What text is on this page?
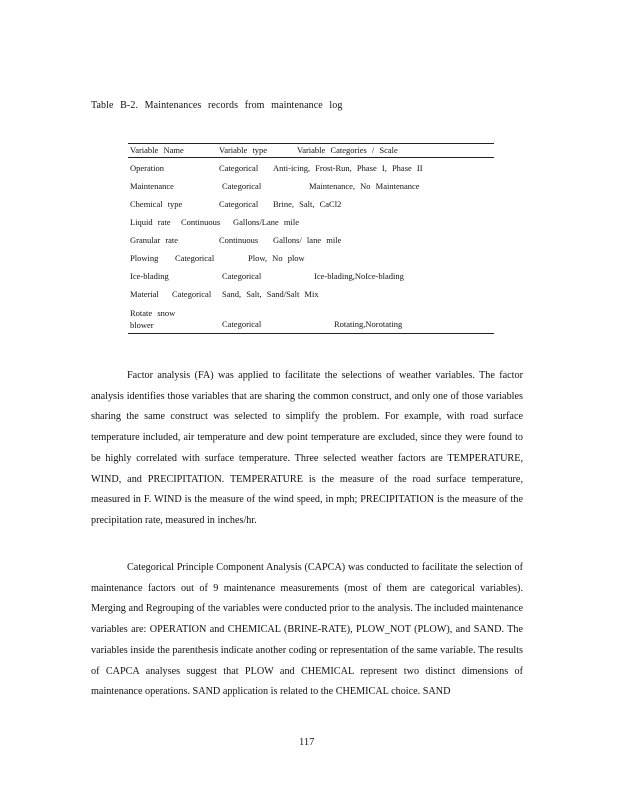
Table B-2. Maintenances records from maintenance log
Variable Name	Variable type	Variable Categories / Scale
Operation	Categorical Anti-icing, Frost-Run, Phase I, Phase II
Maintenance	Categorical	Maintenance, No Maintenance
Chemical type	Categorical Brine, Salt, CaCl2
Liquid rate Continuous Gallons/Lane mile
Granular rate	Continuous Gallons/ lane mile
Plowing Categorical	Plow, No plow
Ice-blading	Categorical	Ice-blading,NoIce-blading
Material Categorical Sand, Salt, Sand/Salt Mix
Rotate snow blower	Categorical	Rotating,Norotating

Factor analysis (FA) was applied to facilitate the selections of weather variables. The factor analysis identifies those variables that are sharing the common construct, and only one of those variables sharing the same construct was selected to simplify the problem. For example, with road surface temperature included, air temperature and dew point temperature are excluded, since they were found to be highly correlated with surface temperature. Three selected weather factors are TEMPERATURE, WIND, and PRECIPITATION. TEMPERATURE is the measure of the road surface temperature, measured in F. WIND is the measure of the wind speed, in mph; PRECIPITATION is the measure of the precipitation rate, measured in inches/hr.

Categorical Principle Component Analysis (CAPCA) was conducted to facilitate the selection of maintenance factors out of 9 maintenance measurements (most of them are categorical variables). Merging and Regrouping of the variables were conducted prior to the analysis. The included maintenance variables are: OPERATION and CHEMICAL (BRINE-RATE), PLOW_NOT (PLOW), and SAND. The variables inside the parenthesis indicate another coding or representation of the same variable. The results of CAPCA analyses suggest that PLOW and CHEMICAL represent two distinct dimensions of maintenance operations. SAND application is related to the CHEMICAL choice. SAND

117
